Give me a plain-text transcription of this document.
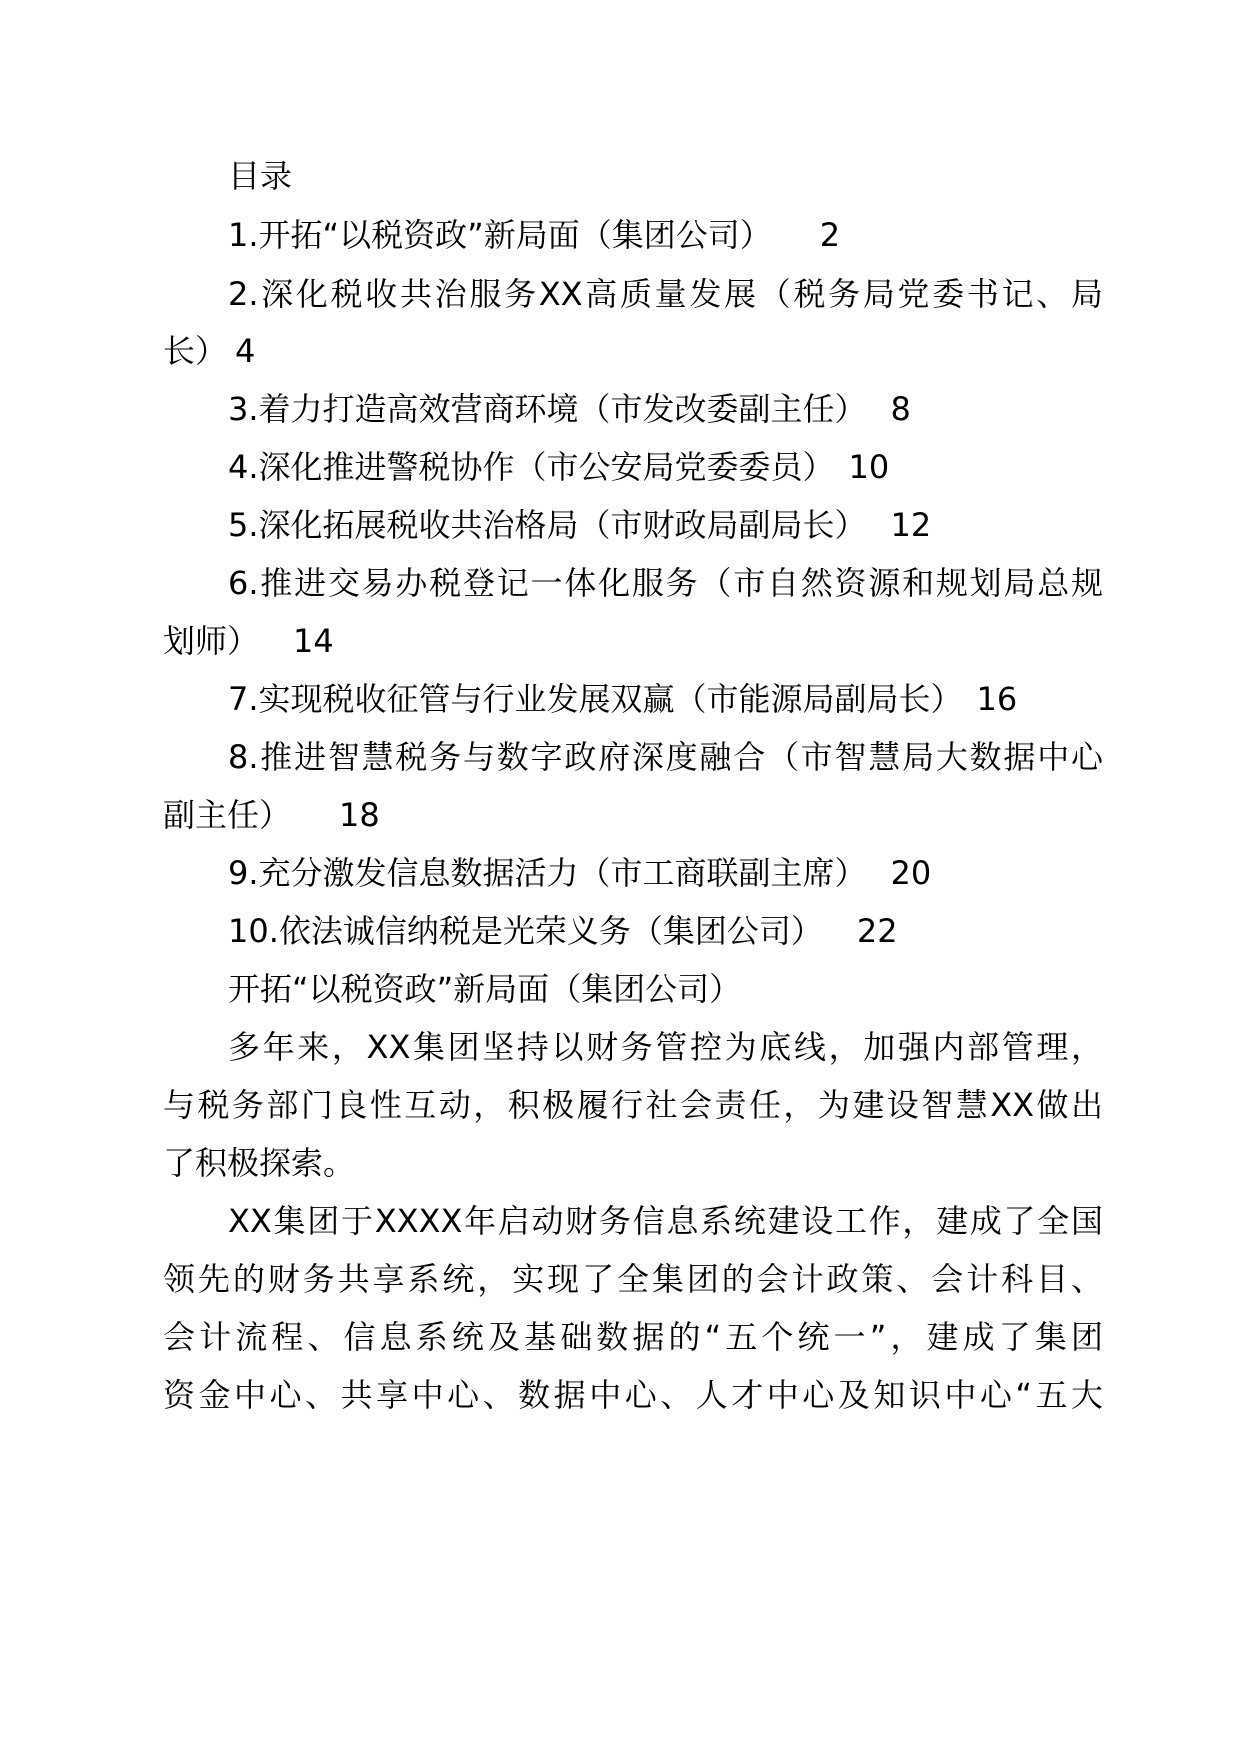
目录
1.开拓“以税资政”新局面（集团公司） 2
2.深化税收共治服务XX高质量发展（税务局党委书记、局
长） 4
3.着力打造高效营商环境（市发改委副主任） 8
4.深化推进警税协作（市公安局党委委员） 10
5.深化拓展税收共治格局（市财政局副局长） 12
6.推进交易办税登记一体化服务（市自然资源和规划局总规
划师） 14
7.实现税收征管与行业发展双赢（市能源局副局长） 16
8.推进智慧税务与数字政府深度融合（市智慧局大数据中心
副主任） 18
9.充分激发信息数据活力（市工商联副主席） 20
10.依法诚信纳税是光荣义务（集团公司） 22
开拓“以税资政”新局面（集团公司）
多年来，XX集团坚持以财务管控为底线，加强内部管理，
与税务部门良性互动，积极履行社会责任，为建设智慧XX做出
了积极探索。
XX集团于XXXX年启动财务信息系统建设工作，建成了全国
领先的财务共享系统，实现了全集团的会计政策、会计科目、
会计流程、信息系统及基础数据的“五个统一”，建成了集团
资金中心、共享中心、数据中心、人才中心及知识中心“五大
